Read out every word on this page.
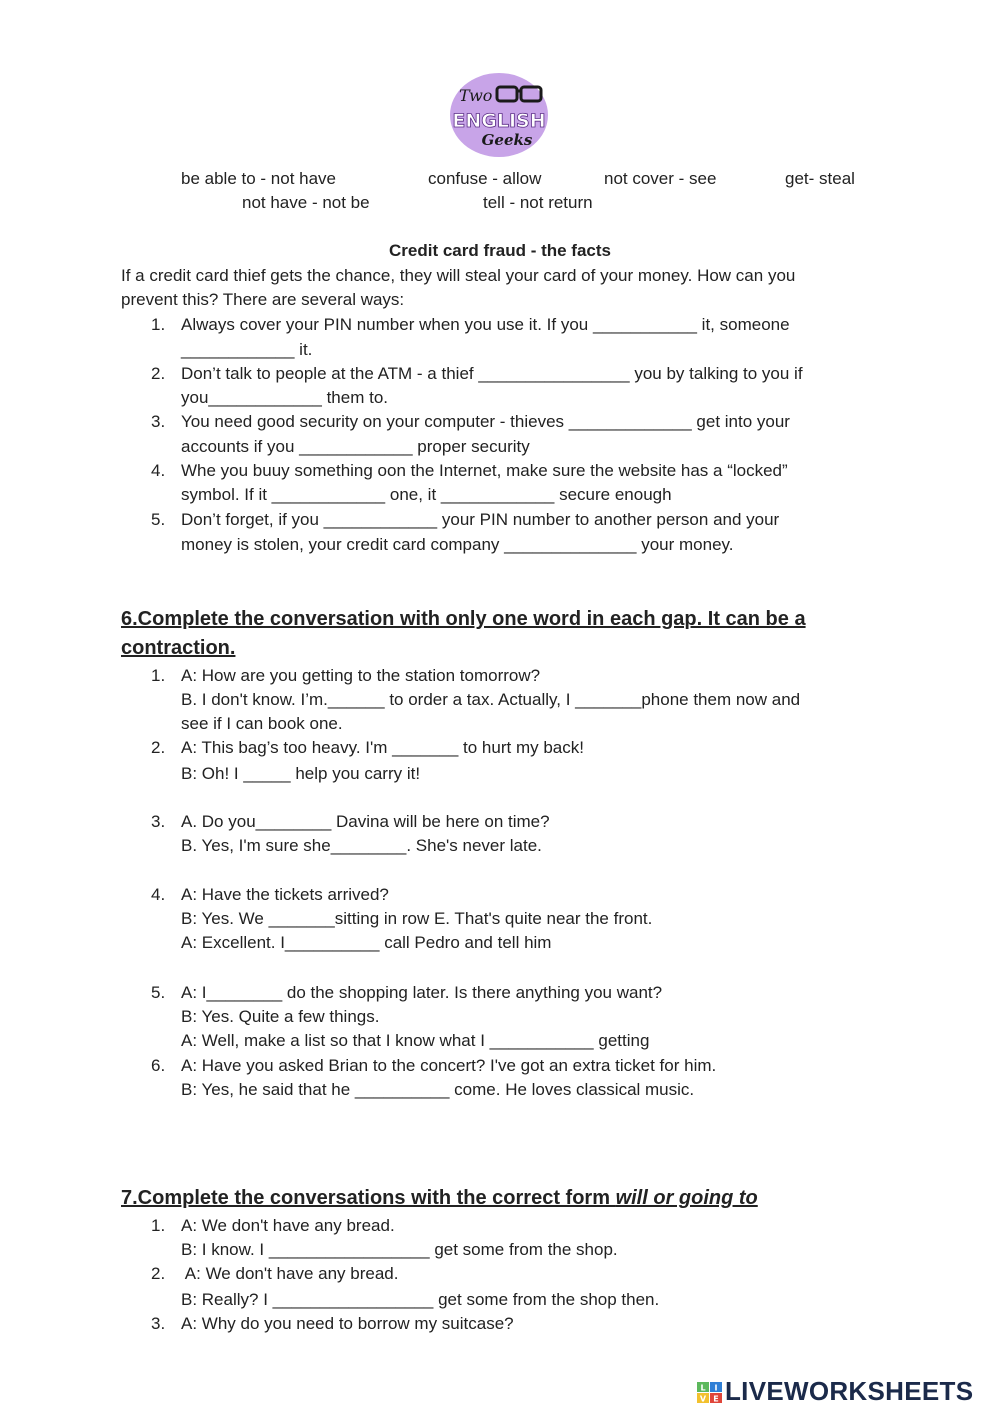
Two
ENGLISH
Geeks
be able to - not have	confuse - allow	not cover - see	get- steal
not have - not be	tell - not return
Credit card fraud - the facts
If a credit card thief gets the chance, they will steal your card of your money. How can you
prevent this? There are several ways:
1. Always cover your PIN number when you use it. If you ___________ it, someone
____________ it.
2. Don’t talk to people at the ATM - a thief ________________ you by talking to you if
you____________ them to.
3. You need good security on your computer - thieves _____________ get into your
accounts if you ____________ proper security
4. Whe you buuy something oon the Internet, make sure the website has a “locked”
symbol. If it ____________ one, it ____________ secure enough
5. Don’t forget, if you ____________ your PIN number to another person and your
money is stolen, your credit card company ______________ your money.
6.Complete the conversation with only one word in each gap. It can be a
contraction.
1. A: How are you getting to the station tomorrow?
B. I don't know. I’m.______ to order a tax. Actually, I _______phone them now and
see if I can book one.
2. A: This bag’s too heavy. I'm _______ to hurt my back!
B: Oh! I _____ help you carry it!
3. A. Do you________ Davina will be here on time?
B. Yes, I'm sure she________. She's never late.
4. A: Have the tickets arrived?
B: Yes. We _______sitting in row E. That's quite near the front.
A: Excellent. I__________ call Pedro and tell him
5. A: I________ do the shopping later. Is there anything you want?
B: Yes. Quite a few things.
A: Well, make a list so that I know what I ___________ getting
6. A: Have you asked Brian to the concert? I've got an extra ticket for him.
B: Yes, he said that he __________ come. He loves classical music.
7.Complete the conversations with the correct form will or going to
1. A: We don't have any bread.
B: I know. I _________________ get some from the shop.
2. A: We don't have any bread.
B: Really? I _________________ get some from the shop then.
3. A: Why do you need to borrow my suitcase?
L I
V E LIVEWORKSHEETS
